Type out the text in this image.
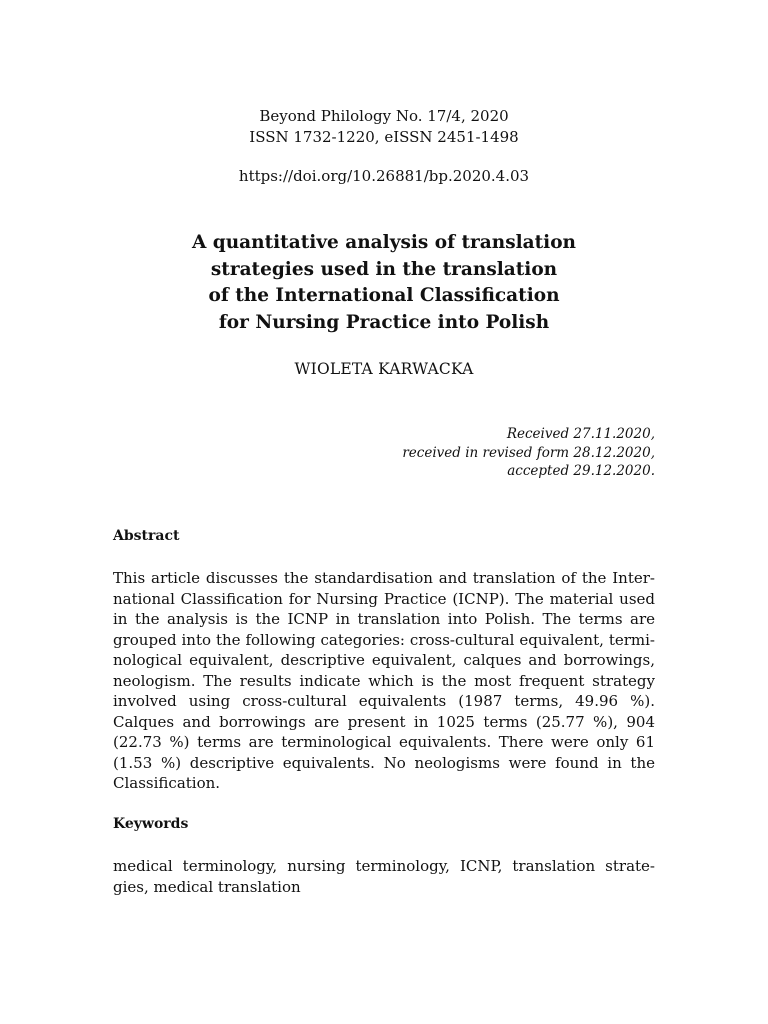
Beyond Philology No. 17/4, 2020
ISSN 1732-1220, eISSN 2451-1498
https://doi.org/10.26881/bp.2020.4.03
A quantitative analysis of translation
strategies used in the translation
of the International Classification
for Nursing Practice into Polish
WIOLETA KARWACKA
Received 27.11.2020,
received in revised form 28.12.2020,
accepted 29.12.2020.
Abstract
This article discusses the standardisation and translation of the Inter-
national Classification for Nursing Practice (ICNP). The material used
in the analysis is the ICNP in translation into Polish. The terms are
grouped into the following categories: cross-cultural equivalent, termi-
nological equivalent, descriptive equivalent, calques and borrowings,
neologism. The results indicate which is the most frequent strategy
involved using cross-cultural equivalents (1987 terms, 49.96 %).
Calques and borrowings are present in 1025 terms (25.77 %), 904
(22.73 %) terms are terminological equivalents. There were only 61
(1.53 %) descriptive equivalents. No neologisms were found in the
Classification.
Keywords
medical terminology, nursing terminology, ICNP, translation strate-
gies, medical translation
